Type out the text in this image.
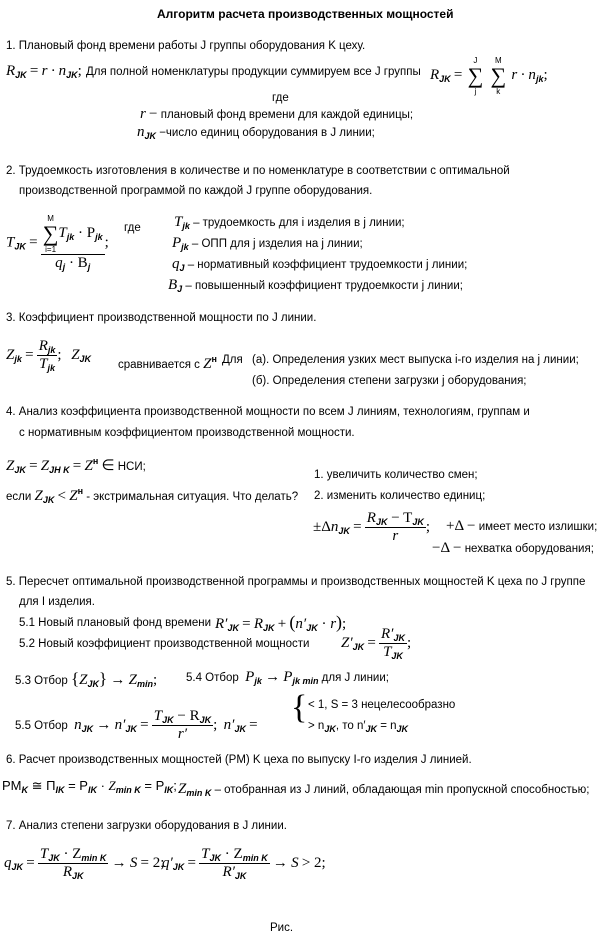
Алгоритм расчета производственных мощностей
1. Плановый фонд времени работы J группы оборудования K цеху.
$R_{JK} = r \cdot n_{JK}$; Для полной номенклатуры продукции суммируем все J группы $R_{JK}$ =
J
∑
j

M
∑
k
$r \cdot n_{jk}$;
где
r − плановый фонд времени для каждой единицы;
$n_{JK}$ −число единиц оборудования в J линии;
2. Трудоемкость изготовления в количестве и по номенклатуре в соответствии с оптимальной
производственной программой по каждой J группе оборудования.
$T_{JK} = M$
∑
i=1
$T_{jk} \cdot P_{jk}$
$q_j \cdot B_j$ ;
где $T_{jk}$ – трудоемкость для i изделия в j линии;
$P_{jk}$ – ОПП для j изделия на j линии;
$q_J$ – нормативный коэффициент трудоемкости j линии;
$B_J$ – повышенный коэффициент трудоемкости j линии;
3. Коэффициент производственной мощности по J линии.
$Z_{jk} = \frac{R_{jk}}{T_{jk}}$ ; $Z_{JK}$
сравнивается с $Z^н$ Для (a). Определения узких мест выпуска i-го изделия на j линии;
(б). Определения степени загрузки j оборудования;
4. Анализ коэффициента производственной мощности по всем J линиям, технологиям, группам и
с нормативным коэффициентом производственной мощности.
$Z_{JK} = Z_{JH K} = Z^н$ ∈ НСИ;
если $Z_{JK} < Z^н$ - экстримальная ситуация. Что делать?
1. увеличить количество смен;
2. изменить количество единиц;
$\pm\Delta n_{JK} = \frac{R_{JK} - T_{JK}}{r}$ ; +Δ − имеет место излишки;
−Δ − нехватка оборудования;
5. Пересчет оптимальной производственной программы и производственных мощностей K цеха по J группе
для I изделия.
5.1 Новый плановый фонд времени $R'_{JK} = R_{JK} + (n'_{JK} \cdot r)$;
5.2 Новый коэффициент производственной мощности $Z'_{JK} = \frac{R'_{JK}}{T_{JK}}$ ;
5.3 Отбор $\{Z_{JK}\} \to Z_{min}$;	5.4 Отбор $P_{jk} \to P_{jk min}$ для J линии;
5.5 Отбор $n_{JK} \to n'_{JK} = \frac{T_{JK} - R_{JK}}{r'}$ ; $n'_{JK}$ = { < 1, S = 3 нецелесообразно
> $n_{JK}$, то $n'_{JK} = n_{JK}$
6. Расчет производственных мощностей (PM) K цеха по выпуску I-го изделия J линией.
$PM_K$ ≅ $П_{IK} = P_{IK} \cdot Z_{min K} = P_{IK}$; $Z_{min K}$ – отобранная из J линий, обладающая min пропускной способностью;
7. Анализ степени загрузки оборудования в J линии.
$q_{JK} = \frac{T_{JK} \cdot Z_{min K}}{R_{JK}} \to S = 2$;
$q'_{JK} = \frac{T_{JK} \cdot Z_{min K}}{R'_{JK}} \to S > 2$;
Рис.
